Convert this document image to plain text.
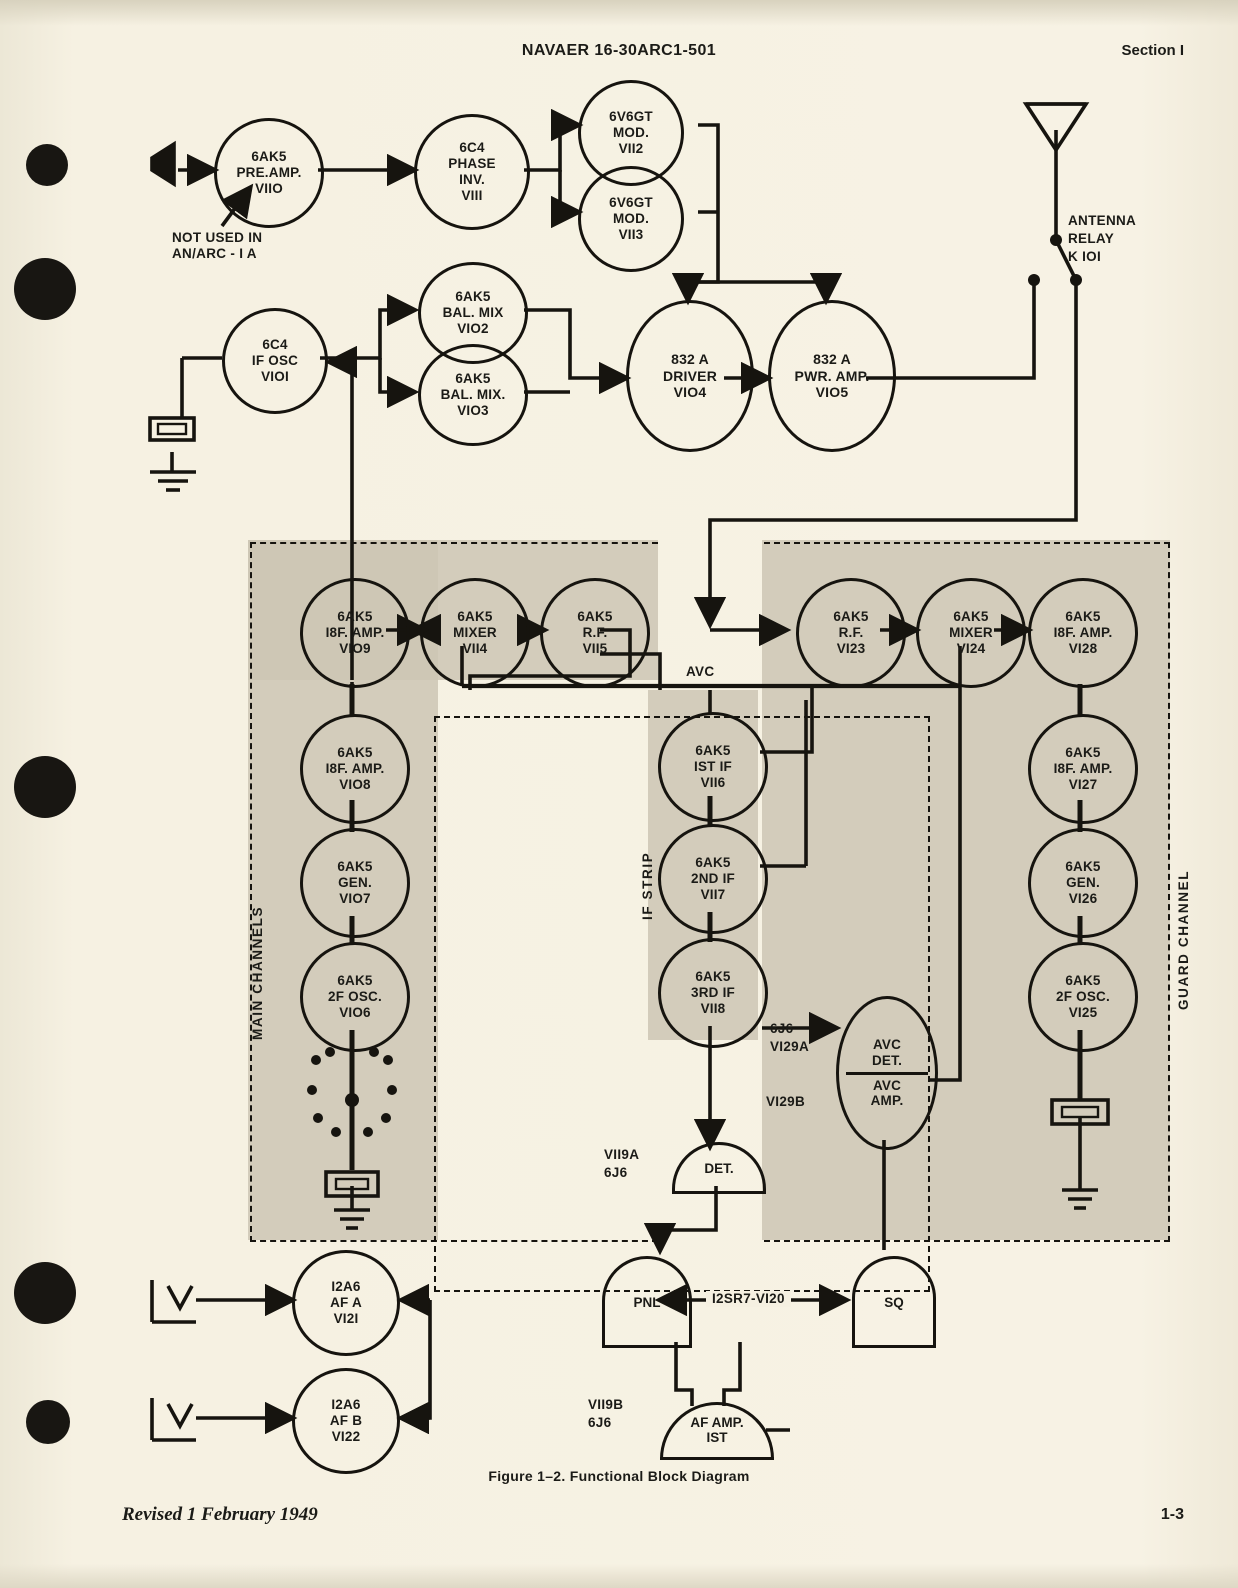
NAVAER 16-30ARC1-501	Section I
6AK5
PRE.AMP.
VIIO
NOT USED IN
AN/ARC - I A
6C4
PHASE
INV.
VIII
6V6GT
MOD.
VII2
6V6GT
MOD.
VII3
6C4
IF OSC
VIOI
6AK5
BAL. MIX
VIO2
6AK5
BAL. MIX.
VIO3
832 A
DRIVER
VIO4
832 A
PWR. AMP.
VIO5
ANTENNA
RELAY
K IOI
6AK5
I8F. AMP.
VIO9
6AK5
MIXER
VII4
6AK5
R.F.
VII5
6AK5
R.F.
VI23
6AK5
MIXER
VI24
6AK5
I8F. AMP.
VI28
AVC
6AK5
I8F. AMP.
VIO8
6AK5
GEN.
VIO7
6AK5
2F OSC.
VIO6
6AK5
I8F. AMP.
VI27
6AK5
GEN.
VI26
6AK5
2F OSC.
VI25
6AK5
IST IF
VII6
6AK5
2ND IF
VII7
6AK5
3RD IF
VII8
IF STRIP
MAIN CHANNELS	GUARD CHANNEL
AVC
DET.
AVC
AMP.
6J6
VI29A
VI29B
DET.
VII9A
6J6
PNL	SQ
I2SR7-VI20
AF AMP.
IST
VII9B
6J6
I2A6
AF A
VI2I
I2A6
AF B
VI22
Figure 1–2. Functional Block Diagram
Revised 1 February 1949	1-3
